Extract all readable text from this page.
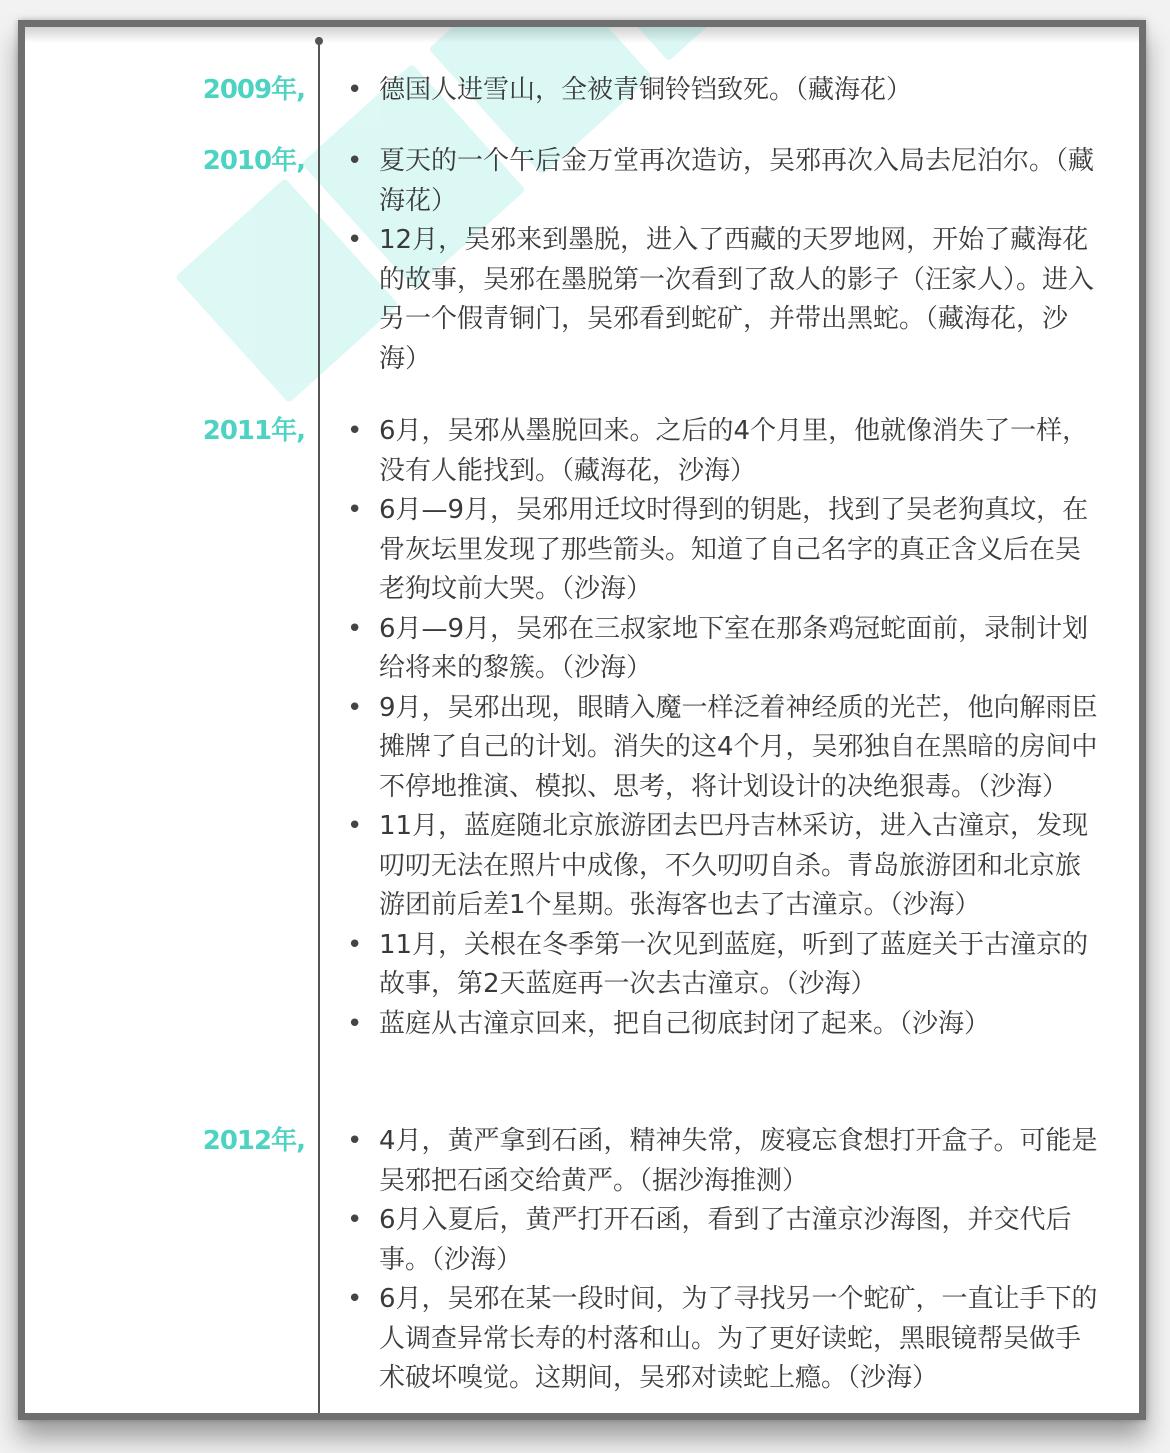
2009年, • 德国人进雪山，全被青铜铃铛致死。（藏海花）
2010年, • 夏天的一个午后金万堂再次造访，吴邪再次入局去尼泊尔。（藏海花）
• 12月，吴邪来到墨脱，进入了西藏的天罗地网，开始了藏海花的故事，吴邪在墨脱第一次看到了敌人的影子（汪家人）。进入另一个假青铜门，吴邪看到蛇矿，并带出黑蛇。（藏海花，沙海）
2011年, • 6月，吴邪从墨脱回来。之后的4个月里，他就像消失了一样，没有人能找到。（藏海花，沙海）
• 6月—9月，吴邪用迁坟时得到的钥匙，找到了吴老狗真坟，在骨灰坛里发现了那些箭头。知道了自己名字的真正含义后在吴老狗坟前大哭。（沙海）
• 6月—9月，吴邪在三叔家地下室在那条鸡冠蛇面前，录制计划给将来的黎簇。（沙海）
• 9月，吴邪出现，眼睛入魔一样泛着神经质的光芒，他向解雨臣摊牌了自己的计划。消失的这4个月，吴邪独自在黑暗的房间中不停地推演、模拟、思考，将计划设计的决绝狠毒。（沙海）
• 11月，蓝庭随北京旅游团去巴丹吉林采访，进入古潼京，发现叨叨无法在照片中成像，不久叨叨自杀。青岛旅游团和北京旅游团前后差1个星期。张海客也去了古潼京。（沙海）
• 11月，关根在冬季第一次见到蓝庭，听到了蓝庭关于古潼京的故事，第2天蓝庭再一次去古潼京。（沙海）
• 蓝庭从古潼京回来，把自己彻底封闭了起来。（沙海）
2012年, • 4月，黄严拿到石函，精神失常，废寝忘食想打开盒子。可能是吴邪把石函交给黄严。（据沙海推测）
• 6月入夏后，黄严打开石函，看到了古潼京沙海图，并交代后事。（沙海）
• 6月，吴邪在某一段时间，为了寻找另一个蛇矿，一直让手下的人调查异常长寿的村落和山。为了更好读蛇，黑眼镜帮吴做手术破坏嗅觉。这期间，吴邪对读蛇上瘾。（沙海）
